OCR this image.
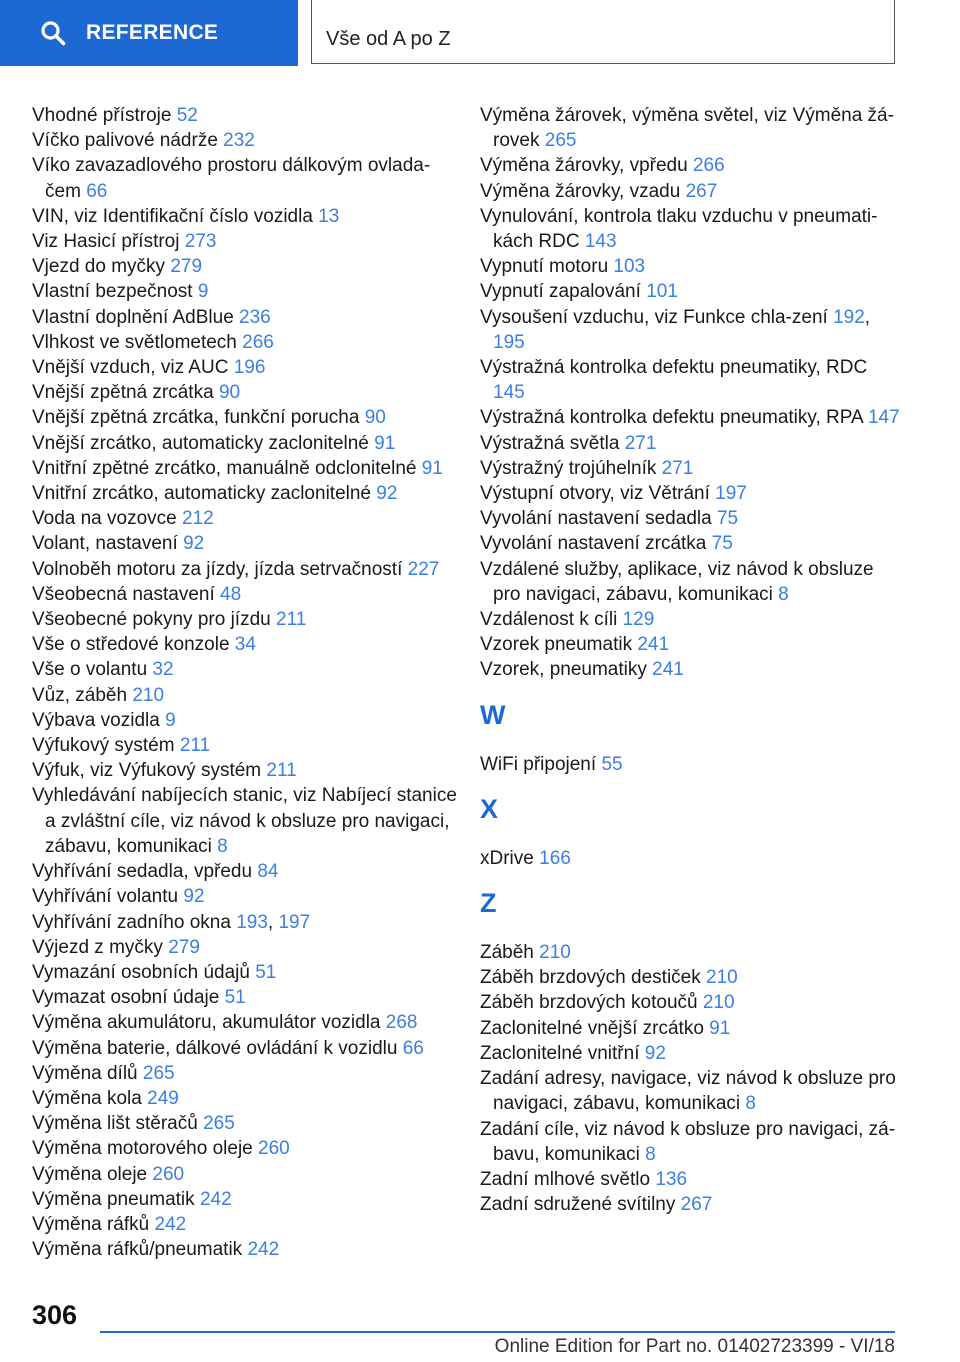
REFERENCE	Vše od A po Z
Vhodné přístroje 52
Víčko palivové nádrže 232
Víko zavazadlového prostoru dálkovým ovlada‐čem 66
VIN, viz Identifikační číslo vozidla 13
Viz Hasicí přístroj 273
Vjezd do myčky 279
Vlastní bezpečnost 9
Vlastní doplnění AdBlue 236
Vlhkost ve světlometech 266
Vnější vzduch, viz AUC 196
Vnější zpětná zrcátka 90
Vnější zpětná zrcátka, funkční porucha 90
Vnější zrcátko, automaticky zaclonitelné 91
Vnitřní zpětné zrcátko, manuálně odclonitelné 91
Vnitřní zrcátko, automaticky zaclonitelné 92
Voda na vozovce 212
Volant, nastavení 92
Volnoběh motoru za jízdy, jízda setrvačností 227
Všeobecná nastavení 48
Všeobecné pokyny pro jízdu 211
Vše o středové konzole 34
Vše o volantu 32
Vůz, záběh 210
Výbava vozidla 9
Výfukový systém 211
Výfuk, viz Výfukový systém 211
Vyhledávání nabíjecích stanic, viz Nabíjecí stanice a zvláštní cíle, viz návod k obsluze pro navigaci, zábavu, komunikaci 8
Vyhřívání sedadla, vpředu 84
Vyhřívání volantu 92
Vyhřívání zadního okna 193, 197
Výjezd z myčky 279
Vymazání osobních údajů 51
Vymazat osobní údaje 51
Výměna akumulátoru, akumulátor vozidla 268
Výměna baterie, dálkové ovládání k vozidlu 66
Výměna dílů 265
Výměna kola 249
Výměna lišt stěračů 265
Výměna motorového oleje 260
Výměna oleje 260
Výměna pneumatik 242
Výměna ráfků 242
Výměna ráfků/pneumatik 242
Výměna žárovek, výměna světel, viz Výměna žá‐rovek 265
Výměna žárovky, vpředu 266
Výměna žárovky, vzadu 267
Vynulování, kontrola tlaku vzduchu v pneumati‐kách RDC 143
Vypnutí motoru 103
Vypnutí zapalování 101
Vysoušení vzduchu, viz Funkce chla‐zení 192, 195
Výstražná kontrolka defektu pneumatiky, RDC 145
Výstražná kontrolka defektu pneumatiky, RPA 147
Výstražná světla 271
Výstražný trojúhelník 271
Výstupní otvory, viz Větrání 197
Vyvolání nastavení sedadla 75
Vyvolání nastavení zrcátka 75
Vzdálené služby, aplikace, viz návod k obsluze pro navigaci, zábavu, komunikaci 8
Vzdálenost k cíli 129
Vzorek pneumatik 241
Vzorek, pneumatiky 241
W
WiFi připojení 55
X
xDrive 166
Z
Záběh 210
Záběh brzdových destiček 210
Záběh brzdových kotoučů 210
Zaclonitelné vnější zrcátko 91
Zaclonitelné vnitřní 92
Zadání adresy, navigace, viz návod k obsluze pro navigaci, zábavu, komunikaci 8
Zadání cíle, viz návod k obsluze pro navigaci, zá‐bavu, komunikaci 8
Zadní mlhové světlo 136
Zadní sdružené svítilny 267
306
Online Edition for Part no. 01402723399 - VI/18
